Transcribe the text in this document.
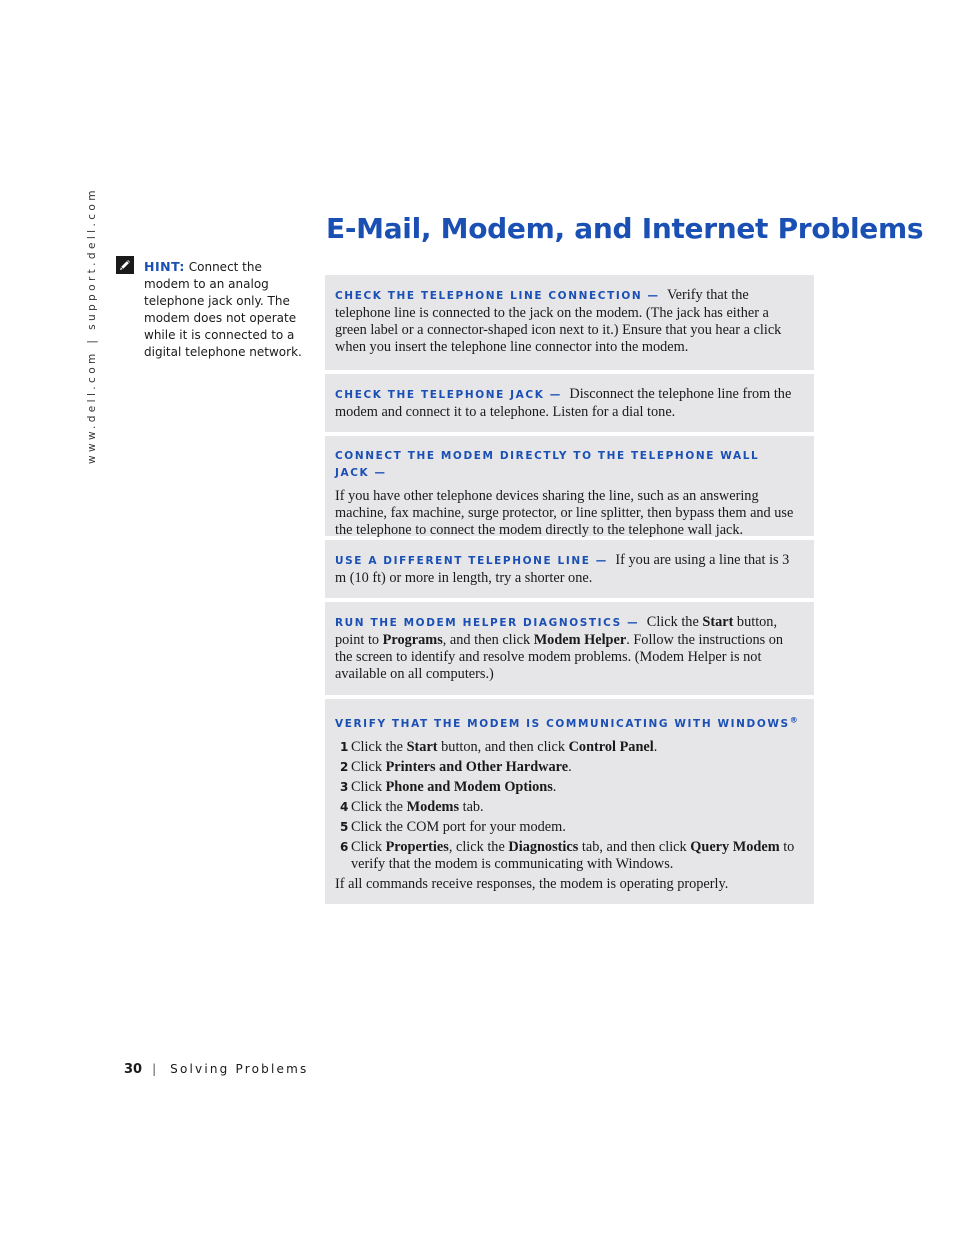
www.dell.com | support.dell.com	HINT: Connect the modem to an analog telephone jack only. The modem does not operate while it is connected to a digital telephone network.
E-Mail, Modem, and Internet Problems

CHECK THE TELEPHONE LINE CONNECTION — Verify that the telephone line is connected to the jack on the modem. (The jack has either a green label or a connector-shaped icon next to it.) Ensure that you hear a click when you insert the telephone line connector into the modem.

CHECK THE TELEPHONE JACK — Disconnect the telephone line from the modem and connect it to a telephone. Listen for a dial tone.

CONNECT THE MODEM DIRECTLY TO THE TELEPHONE WALL JACK —

If you have other telephone devices sharing the line, such as an answering machine, fax machine, surge protector, or line splitter, then bypass them and use the telephone to connect the modem directly to the telephone wall jack.

USE A DIFFERENT TELEPHONE LINE — If you are using a line that is 3 m (10 ft) or more in length, try a shorter one.

RUN THE MODEM HELPER DIAGNOSTICS — Click the Start button, point to Programs, and then click Modem Helper. Follow the instructions on the screen to identify and resolve modem problems. (Modem Helper is not available on all computers.)

VERIFY THAT THE MODEM IS COMMUNICATING WITH WINDOWS®
1 Click the Start button, and then click Control Panel.
2 Click Printers and Other Hardware.
3 Click Phone and Modem Options.
4 Click the Modems tab.
5 Click the COM port for your modem.
6 Click Properties, click the Diagnostics tab, and then click Query Modem to verify that the modem is communicating with Windows.

If all commands receive responses, the modem is operating properly.

30 | Solving Problems
